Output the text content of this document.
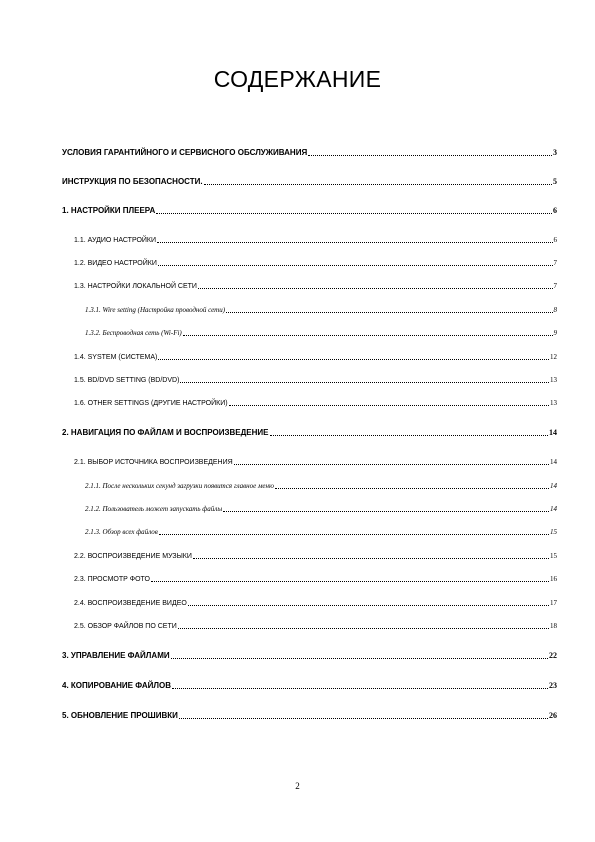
СОДЕРЖАНИЕ
УСЛОВИЯ ГАРАНТИЙНОГО И СЕРВИСНОГО ОБСЛУЖИВАНИЯ	3
ИНСТРУКЦИЯ ПО БЕЗОПАСНОСТИ.	5
1. НАСТРОЙКИ ПЛЕЕРА	6
1.1. АУДИО НАСТРОЙКИ	6
1.2. ВИДЕО НАСТРОЙКИ	7
1.3. НАСТРОЙКИ ЛОКАЛЬНОЙ СЕТИ	7
1.3.1. Wire setting (Настройка проводной сети)	8
1.3.2. Беспроводная сеть (Wi-Fi)	9
1.4. SYSTEM (СИСТЕМА)	12
1.5. BD/DVD SETTING (BD/DVD)	13
1.6. OTHER SETTINGS (ДРУГИЕ НАСТРОЙКИ)	13
2. НАВИГАЦИЯ ПО ФАЙЛАМ И ВОСПРОИЗВЕДЕНИЕ	14
2.1. ВЫБОР ИСТОЧНИКА ВОСПРОИЗВЕДЕНИЯ	14
2.1.1. После нескольких секунд загрузки появится главное меню	14
2.1.2. Пользователь может запускать файлы	14
2.1.3. Обзор всех файлов	15
2.2. ВОСПРОИЗВЕДЕНИЕ МУЗЫКИ	15
2.3. ПРОСМОТР ФОТО	16
2.4. ВОСПРОИЗВЕДЕНИЕ ВИДЕО	17
2.5. ОБЗОР ФАЙЛОВ ПО СЕТИ	18
3. УПРАВЛЕНИЕ ФАЙЛАМИ	22
4. КОПИРОВАНИЕ ФАЙЛОВ	23
5. ОБНОВЛЕНИЕ ПРОШИВКИ	26
2
